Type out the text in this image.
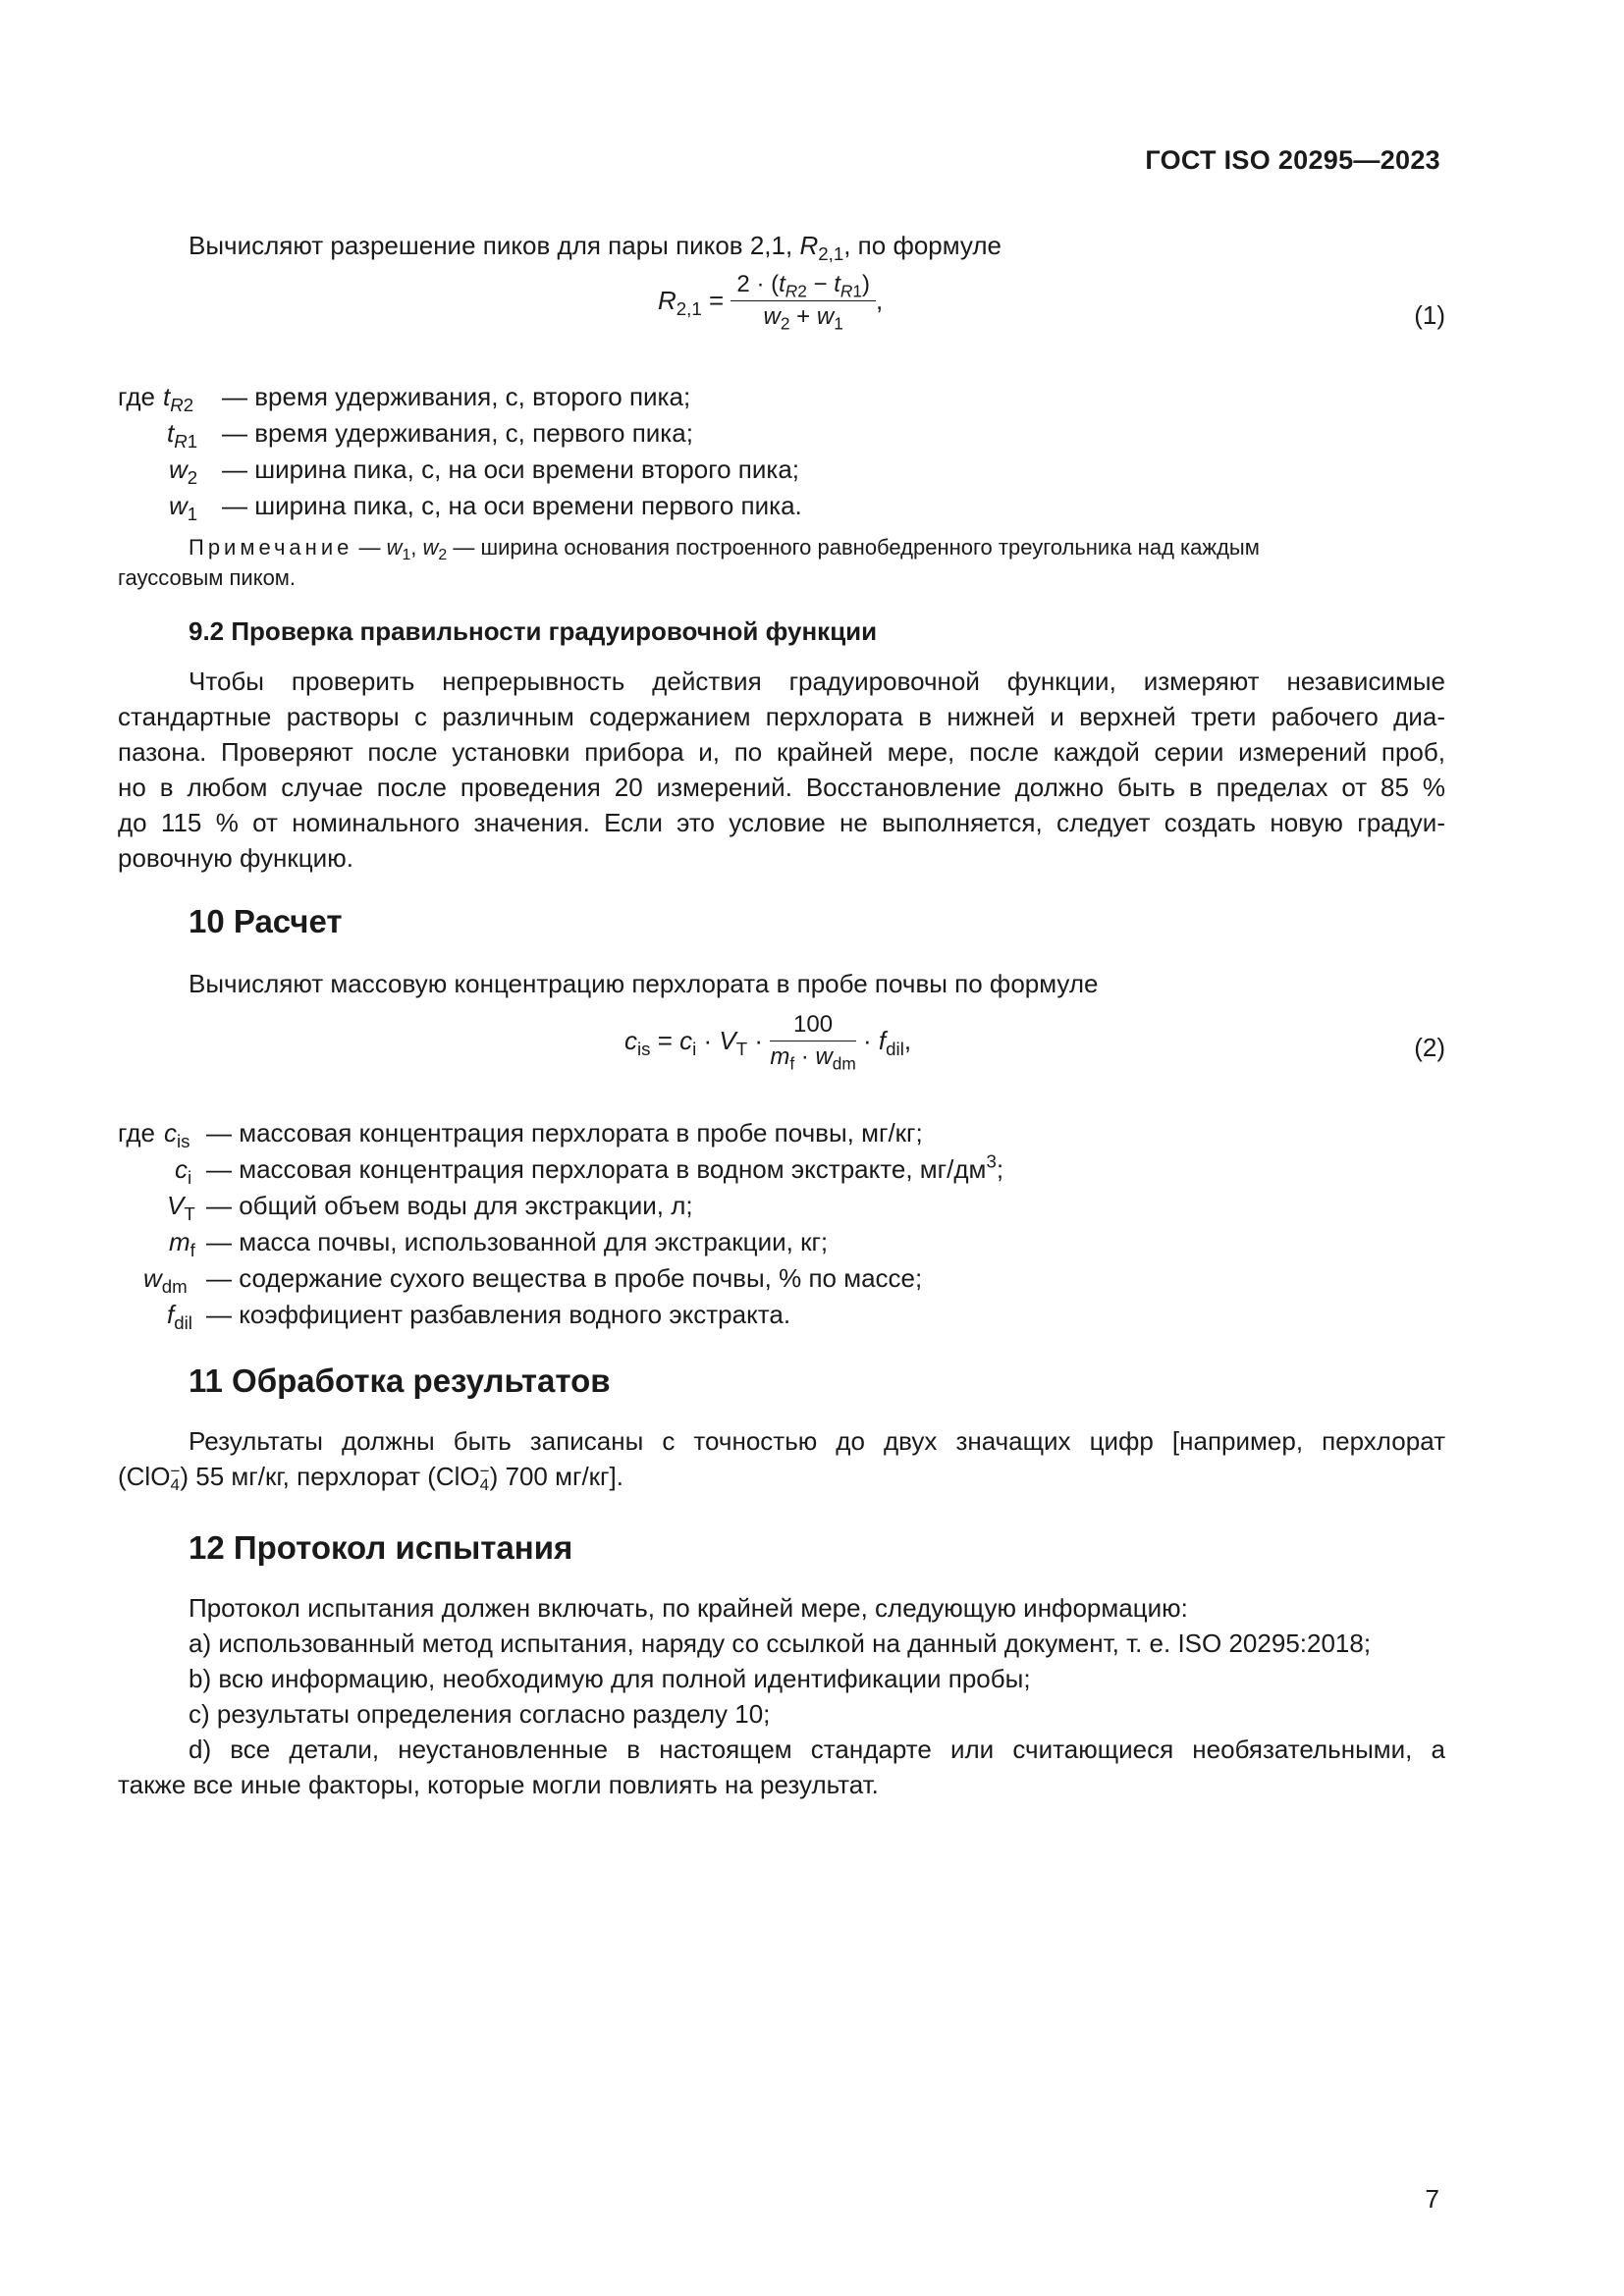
ГОСТ ISO 20295—2023
Вычисляют разрешение пиков для пары пиков 2,1, $R_{2,1}$, по формуле
$R_{2,1} = \frac{2 \cdot (t_{R2} - t_{R1})}{w_2 + w_1}$ ,	(1)
где $t_{R2}$ — время удерживания, с, второго пика;
$t_{R1}$ — время удерживания, с, первого пика;
$w_2$ — ширина пика, с, на оси времени второго пика;
$w_1$ — ширина пика, с, на оси времени первого пика.
Примечание — $w_1$, $w_2$ — ширина основания построенного равнобедренного треугольника над каждым
гауссовым пиком.
9.2 Проверка правильности градуировочной функции
Чтобы проверить непрерывность действия градуировочной функции, измеряют независимые
стандартные растворы с различным содержанием перхлората в нижней и верхней трети рабочего диа-
пазона. Проверяют после установки прибора и, по крайней мере, после каждой серии измерений проб,
но в любом случае после проведения 20 измерений. Восстановление должно быть в пределах от 85 %
до 115 % от номинального значения. Если это условие не выполняется, следует создать новую градуи-
ровочную функцию.
10 Расчет
Вычисляют массовую концентрацию перхлората в пробе почвы по формуле
$c_{is} = c_i \cdot V_T \cdot \frac{100}{m_f \cdot w_{dm}} \cdot f_{dil}$,	(2)
где $c_{is}$ — массовая концентрация перхлората в пробе почвы, мг/кг;
$c_i$ — массовая концентрация перхлората в водном экстракте, $мг/дм^3$;
$V_T$ — общий объем воды для экстракции, л;
$m_f$ — масса почвы, использованной для экстракции, кг;
$w_{dm}$ — содержание сухого вещества в пробе почвы, % по массе;
$f_{dil}$ — коэффициент разбавления водного экстракта.
11 Обработка результатов
Результаты должны быть записаны с точностью до двух значащих цифр [например, перхлорат
(ClO −
4 ) 55 мг/кг, перхлорат (ClO −
4 ) 700 мг/кг].
12 Протокол испытания
Протокол испытания должен включать, по крайней мере, следующую информацию:
a) использованный метод испытания, наряду со ссылкой на данный документ, т. е. ISO 20295:2018;
b) всю информацию, необходимую для полной идентификации пробы;
c) результаты определения согласно разделу 10;
d) все детали, неустановленные в настоящем стандарте или считающиеся необязательными, а
также все иные факторы, которые могли повлиять на результат.
7
